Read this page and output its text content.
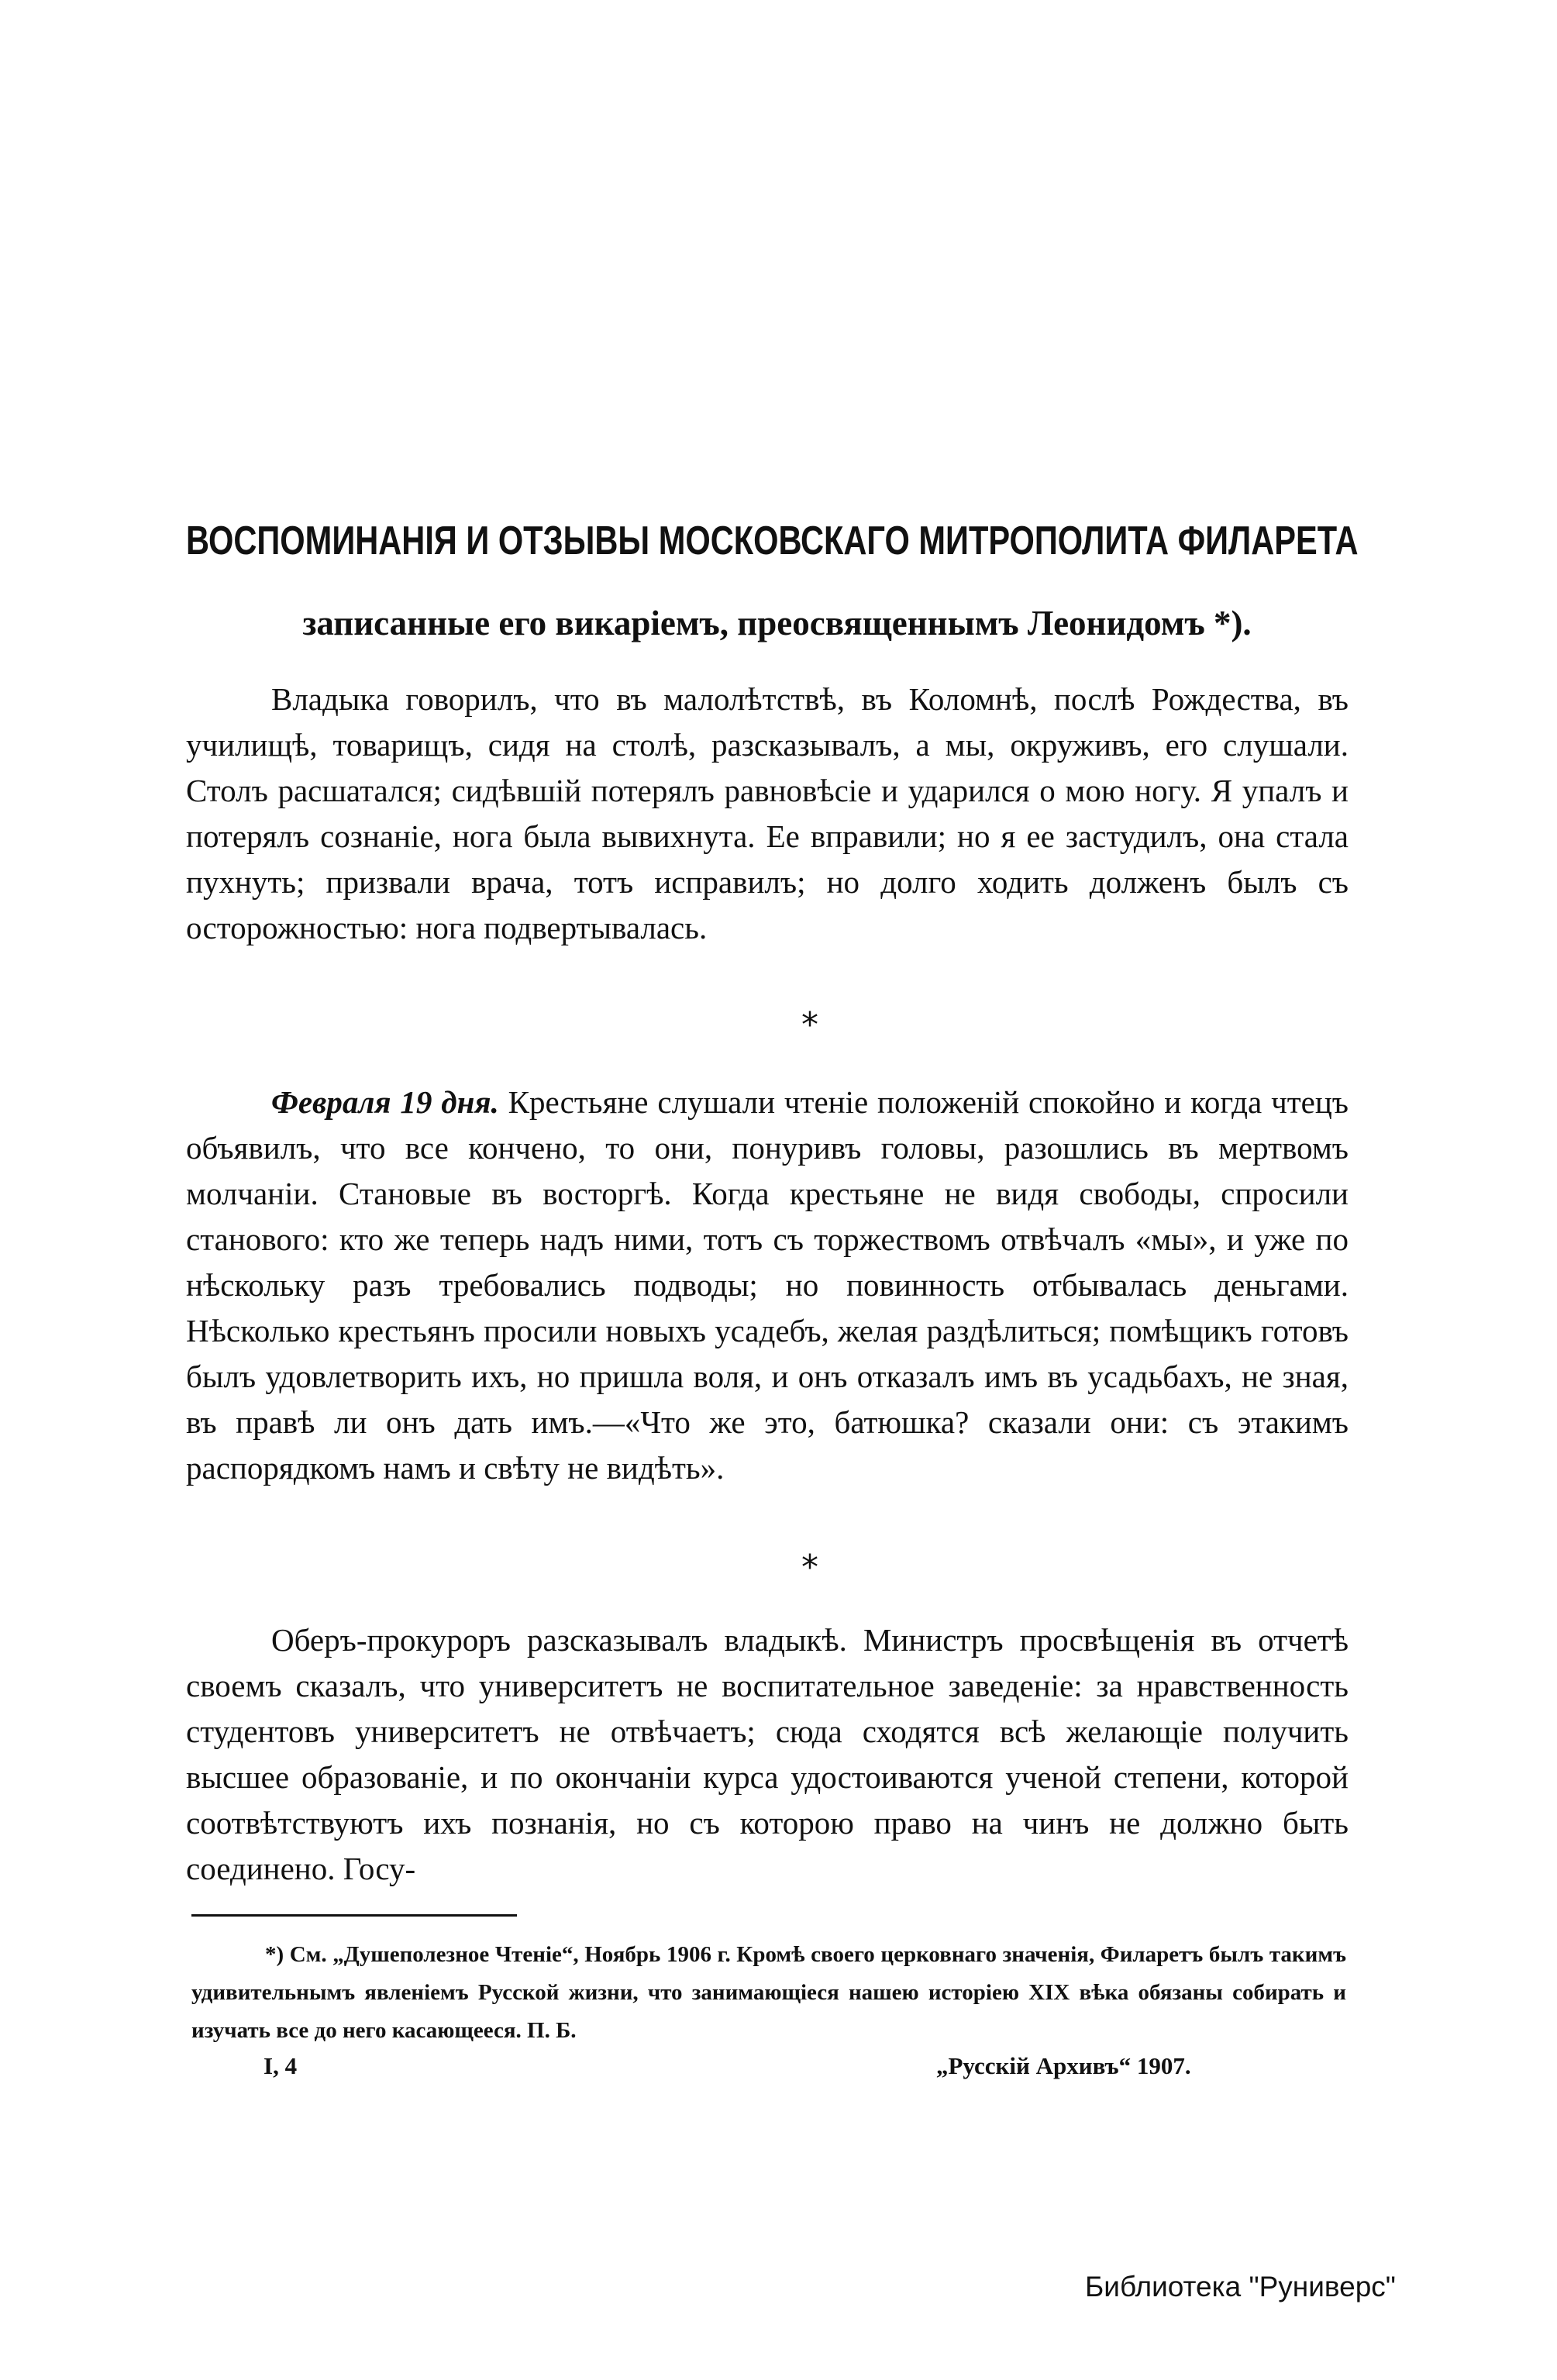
ВОСПОМИНАНІЯ И ОТЗЫВЫ МОСКОВСКАГО МИТРОПОЛИТА ФИЛАРЕТА
записанные его викаріемъ, преосвященнымъ Леонидомъ *).

Владыка говорилъ, что въ малолѣтствѣ, въ Коломнѣ, послѣ Рождества, въ училищѣ, товарищъ, сидя на столѣ, разсказывалъ, а мы, окруживъ, его слушали. Столъ расшатался; сидѣвшій потерялъ равновѣсіе и ударился о мою ногу. Я упалъ и потерялъ сознаніе, нога была вывихнута. Ее вправили; но я ее застудилъ, она стала пухнуть; призвали врача, тотъ исправилъ; но долго ходить долженъ былъ съ осторожностью: нога подвертывалась.

*

Февраля 19 дня. Крестьяне слушали чтеніе положеній спокойно и когда чтецъ объявилъ, что все кончено, то они, понуривъ головы, разошлись въ мертвомъ молчаніи. Становые въ восторгѣ. Когда крестьяне не видя свободы, спросили станового: кто же теперь надъ ними, тотъ съ торжествомъ отвѣчалъ «мы», и уже по нѣскольку разъ требовались подводы; но повинность отбывалась деньгами. Нѣсколько крестьянъ просили новыхъ усадебъ, желая раздѣлиться; помѣщикъ готовъ былъ удовлетворить ихъ, но пришла воля, и онъ отказалъ имъ въ усадьбахъ, не зная, въ правѣ ли онъ дать имъ.—«Что же это, батюшка? сказали они: съ этакимъ распорядкомъ намъ и свѣту не видѣть».

*

Оберъ-прокуроръ разсказывалъ владыкѣ. Министръ просвѣщенія въ отчетѣ своемъ сказалъ, что университетъ не воспитательное заведеніе: за нравственность студентовъ университетъ не отвѣчаетъ; сюда сходятся всѣ желающіе получить высшее образованіе, и по окончаніи курса удостоиваются ученой степени, которой соотвѣтствуютъ ихъ познанія, но съ которою право на чинъ не должно быть соединено. Госу-

*) См. „Душеполезное Чтеніе“, Ноябрь 1906 г. Кромѣ своего церковнаго значенія, Филаретъ былъ такимъ удивительнымъ явленіемъ Русской жизни, что занимающіеся нашею исторіею XIX вѣка обязаны собирать и изучать все до него касающееся. П. Б.

I, 4	„Русскій Архивъ“ 1907.
Библиотека "Руниверс"
